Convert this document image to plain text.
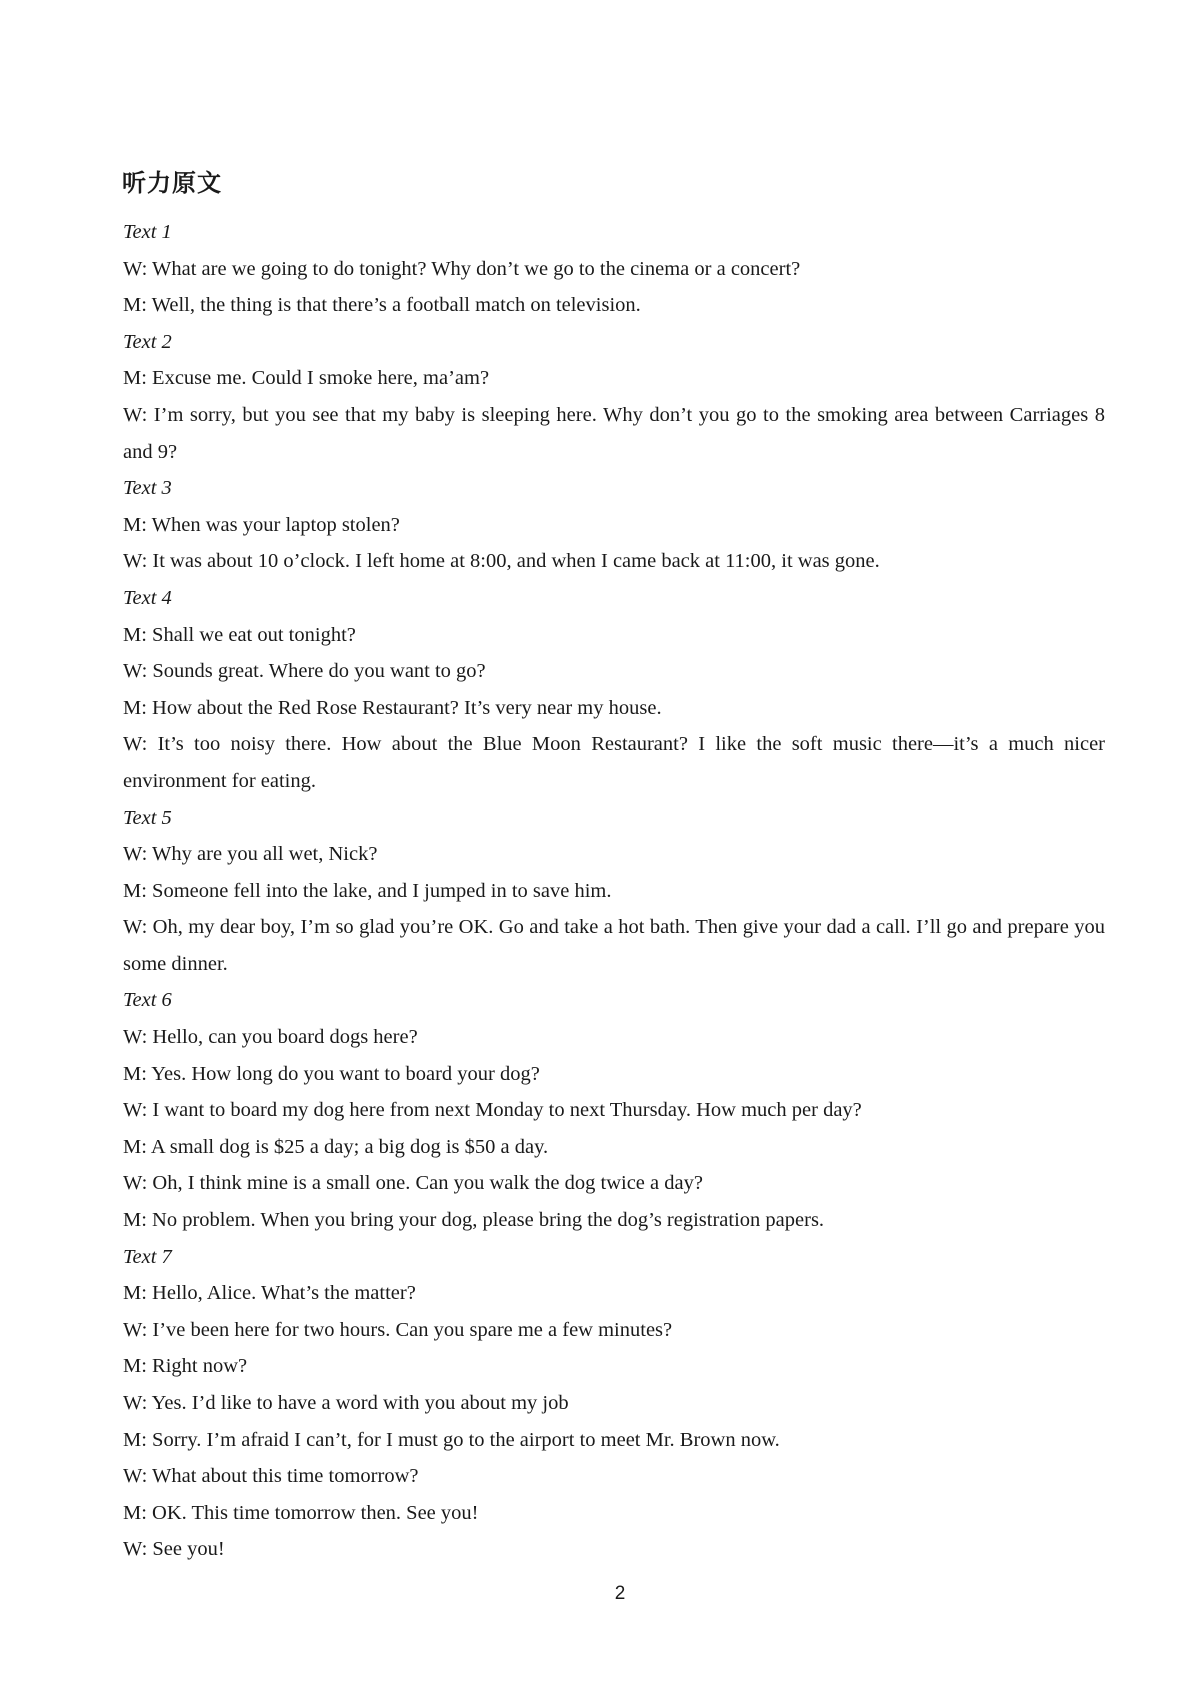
听力原文
Text 1
W: What are we going to do tonight? Why don’t we go to the cinema or a concert?
M: Well, the thing is that there’s a football match on television.
Text 2
M: Excuse me. Could I smoke here, ma’am?
W: I’m sorry, but you see that my baby is sleeping here. Why don’t you go to the smoking area between Carriages 8 and 9?
Text 3
M: When was your laptop stolen?
W: It was about 10 o’clock. I left home at 8:00, and when I came back at 11:00, it was gone.
Text 4
M: Shall we eat out tonight?
W: Sounds great. Where do you want to go?
M: How about the Red Rose Restaurant? It’s very near my house.
W: It’s too noisy there. How about the Blue Moon Restaurant? I like the soft music there—it’s a much nicer environment for eating.
Text 5
W: Why are you all wet, Nick?
M: Someone fell into the lake, and I jumped in to save him.
W: Oh, my dear boy, I’m so glad you’re OK. Go and take a hot bath. Then give your dad a call. I’ll go and prepare you some dinner.
Text 6
W: Hello, can you board dogs here?
M: Yes. How long do you want to board your dog?
W: I want to board my dog here from next Monday to next Thursday. How much per day?
M: A small dog is $25 a day; a big dog is $50 a day.
W: Oh, I think mine is a small one. Can you walk the dog twice a day?
M: No problem. When you bring your dog, please bring the dog’s registration papers.
Text 7
M: Hello, Alice. What’s the matter?
W: I’ve been here for two hours. Can you spare me a few minutes?
M: Right now?
W: Yes. I’d like to have a word with you about my job
M: Sorry. I’m afraid I can’t, for I must go to the airport to meet Mr. Brown now.
W: What about this time tomorrow?
M: OK. This time tomorrow then. See you!
W: See you!
2
